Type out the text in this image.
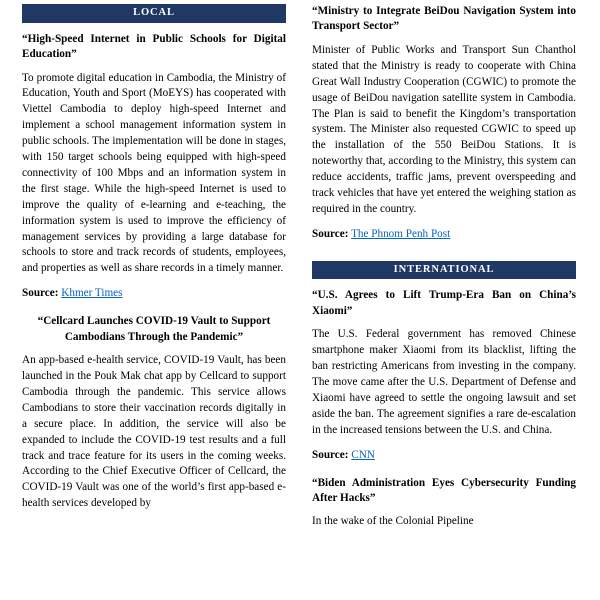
LOCAL
“High-Speed Internet in Public Schools for Digital Education”

To promote digital education in Cambodia, the Ministry of Education, Youth and Sport (MoEYS) has cooperated with Viettel Cambodia to deploy high-speed Internet and implement a school management information system in public schools. The implementation will be done in stages, with 150 target schools being equipped with high-speed connectivity of 100 Mbps and an information system in the first stage. While the high-speed Internet is used to improve the quality of e-learning and e-teaching, the information system is used to improve the efficiency of management services by providing a large database for schools to store and track records of students, employees, and properties as well as share records in a timely manner.

Source: Khmer Times
“Cellcard Launches COVID-19 Vault to Support Cambodians Through the Pandemic”

An app-based e-health service, COVID-19 Vault, has been launched in the Pouk Mak chat app by Cellcard to support Cambodia through the pandemic. This service allows Cambodians to store their vaccination records digitally in a secure place. In addition, the service will also be expanded to include the COVID-19 test results and a full track and trace feature for its users in the coming weeks. According to the Chief Executive Officer of Cellcard, the COVID-19 Vault was one of the world’s first app-based e-health services developed by

“Ministry to Integrate BeiDou Navigation System into Transport Sector”

Minister of Public Works and Transport Sun Chanthol stated that the Ministry is ready to cooperate with China Great Wall Industry Cooperation (CGWIC) to promote the usage of BeiDou navigation satellite system in Cambodia. The Plan is said to benefit the Kingdom’s transportation system. The Minister also requested CGWIC to speed up the installation of the 550 BeiDou Stations. It is noteworthy that, according to the Ministry, this system can reduce accidents, traffic jams, prevent overspeeding and track vehicles that have yet entered the weighing station as required in the country.

Source: The Phnom Penh Post
INTERNATIONAL
“U.S. Agrees to Lift Trump-Era Ban on China’s Xiaomi”

The U.S. Federal government has removed Chinese smartphone maker Xiaomi from its blacklist, lifting the ban restricting Americans from investing in the company. The move came after the U.S. Department of Defense and Xiaomi have agreed to settle the ongoing lawsuit and set aside the ban. The agreement signifies a rare de-escalation in the increased tensions between the U.S. and China.

Source: CNN
“Biden Administration Eyes Cybersecurity Funding After Hacks”

In the wake of the Colonial Pipeline
